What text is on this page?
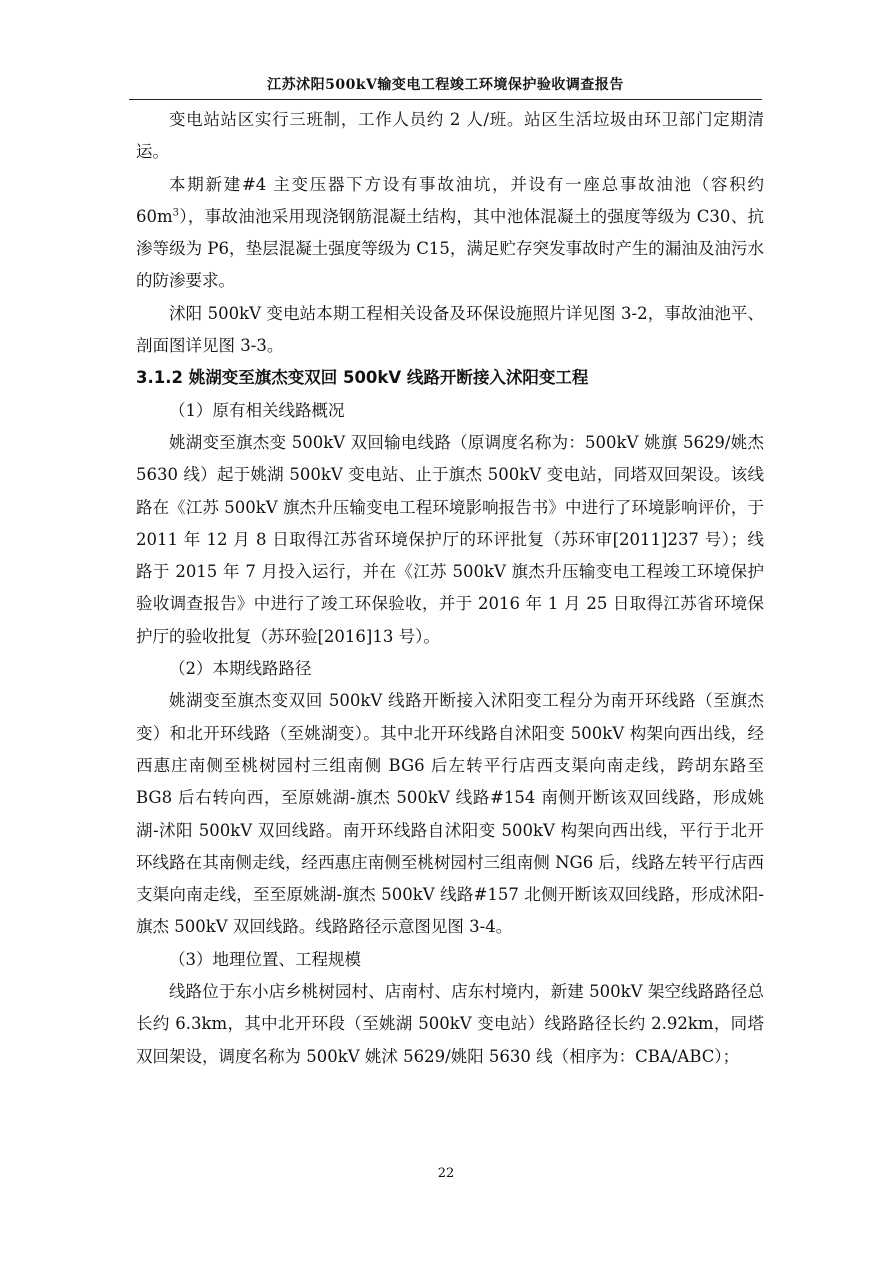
江苏沭阳500kV输变电工程竣工环境保护验收调查报告

变电站站区实行三班制，工作人员约 2 人/班。站区生活垃圾由环卫部门定期清运。

本期新建#4 主变压器下方设有事故油坑，并设有一座总事故油池（容积约 $60m^3$），事故油池采用现浇钢筋混凝土结构，其中池体混凝土的强度等级为 C30、抗渗等级为 P6，垫层混凝土强度等级为 C15，满足贮存突发事故时产生的漏油及油污水的防渗要求。

沭阳 500kV 变电站本期工程相关设备及环保设施照片详见图 3-2，事故油池平、剖面图详见图 3-3。

3.1.2 姚湖变至旗杰变双回 500kV 线路开断接入沭阳变工程

（1）原有相关线路概况

姚湖变至旗杰变 500kV 双回输电线路（原调度名称为：500kV 姚旗 5629/姚杰 5630 线）起于姚湖 500kV 变电站、止于旗杰 500kV 变电站，同塔双回架设。该线路在《江苏 500kV 旗杰升压输变电工程环境影响报告书》中进行了环境影响评价，于 2011 年 12 月 8 日取得江苏省环境保护厅的环评批复（苏环审[2011]237 号）；线路于 2015 年 7 月投入运行，并在《江苏 500kV 旗杰升压输变电工程竣工环境保护验收调查报告》中进行了竣工环保验收，并于 2016 年 1 月 25 日取得江苏省环境保护厅的验收批复（苏环验[2016]13 号）。

（2）本期线路路径

姚湖变至旗杰变双回 500kV 线路开断接入沭阳变工程分为南开环线路（至旗杰变）和北开环线路（至姚湖变）。其中北开环线路自沭阳变 500kV 构架向西出线，经西惠庄南侧至桃树园村三组南侧 BG6 后左转平行店西支渠向南走线，跨胡东路至 BG8 后右转向西，至原姚湖-旗杰 500kV 线路#154 南侧开断该双回线路，形成姚湖-沭阳 500kV 双回线路。南开环线路自沭阳变 500kV 构架向西出线，平行于北开环线路在其南侧走线，经西惠庄南侧至桃树园村三组南侧 NG6 后，线路左转平行店西支渠向南走线，至至原姚湖-旗杰 500kV 线路#157 北侧开断该双回线路，形成沭阳-旗杰 500kV 双回线路。线路路径示意图见图 3-4。

（3）地理位置、工程规模

线路位于东小店乡桃树园村、店南村、店东村境内，新建 500kV 架空线路路径总长约 6.3km，其中北开环段（至姚湖 500kV 变电站）线路路径长约 2.92km，同塔双回架设，调度名称为 500kV 姚沭 5629/姚阳 5630 线（相序为：CBA/ABC）；

22
